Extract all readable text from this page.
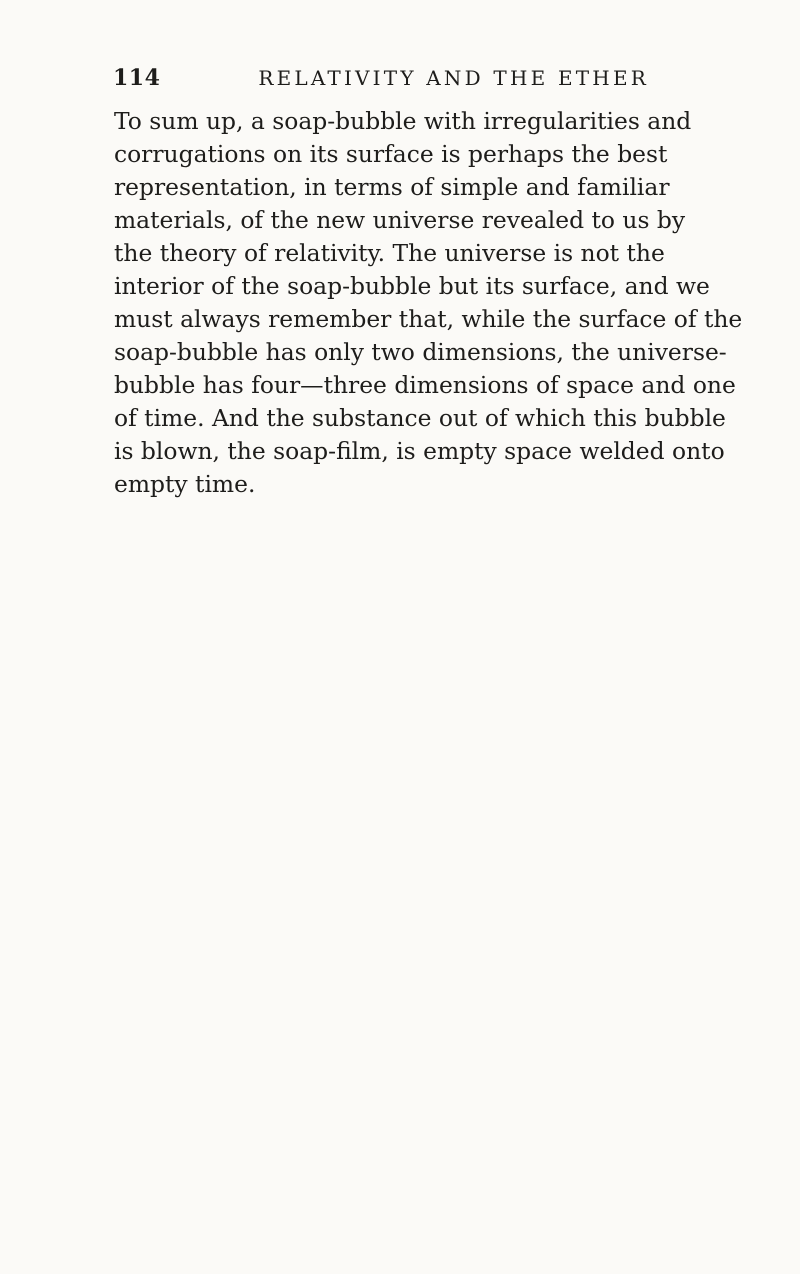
114	RELATIVITY AND THE ETHER

To sum up, a soap-bubble with irregularities and
corrugations on its surface is perhaps the best
representation, in terms of simple and familiar
materials, of the new universe revealed to us by
the theory of relativity. The universe is not the
interior of the soap-bubble but its surface, and we
must always remember that, while the surface of the
soap-bubble has only two dimensions, the universe-
bubble has four—three dimensions of space and one
of time. And the substance out of which this bubble
is blown, the soap-film, is empty space welded onto
empty time.
